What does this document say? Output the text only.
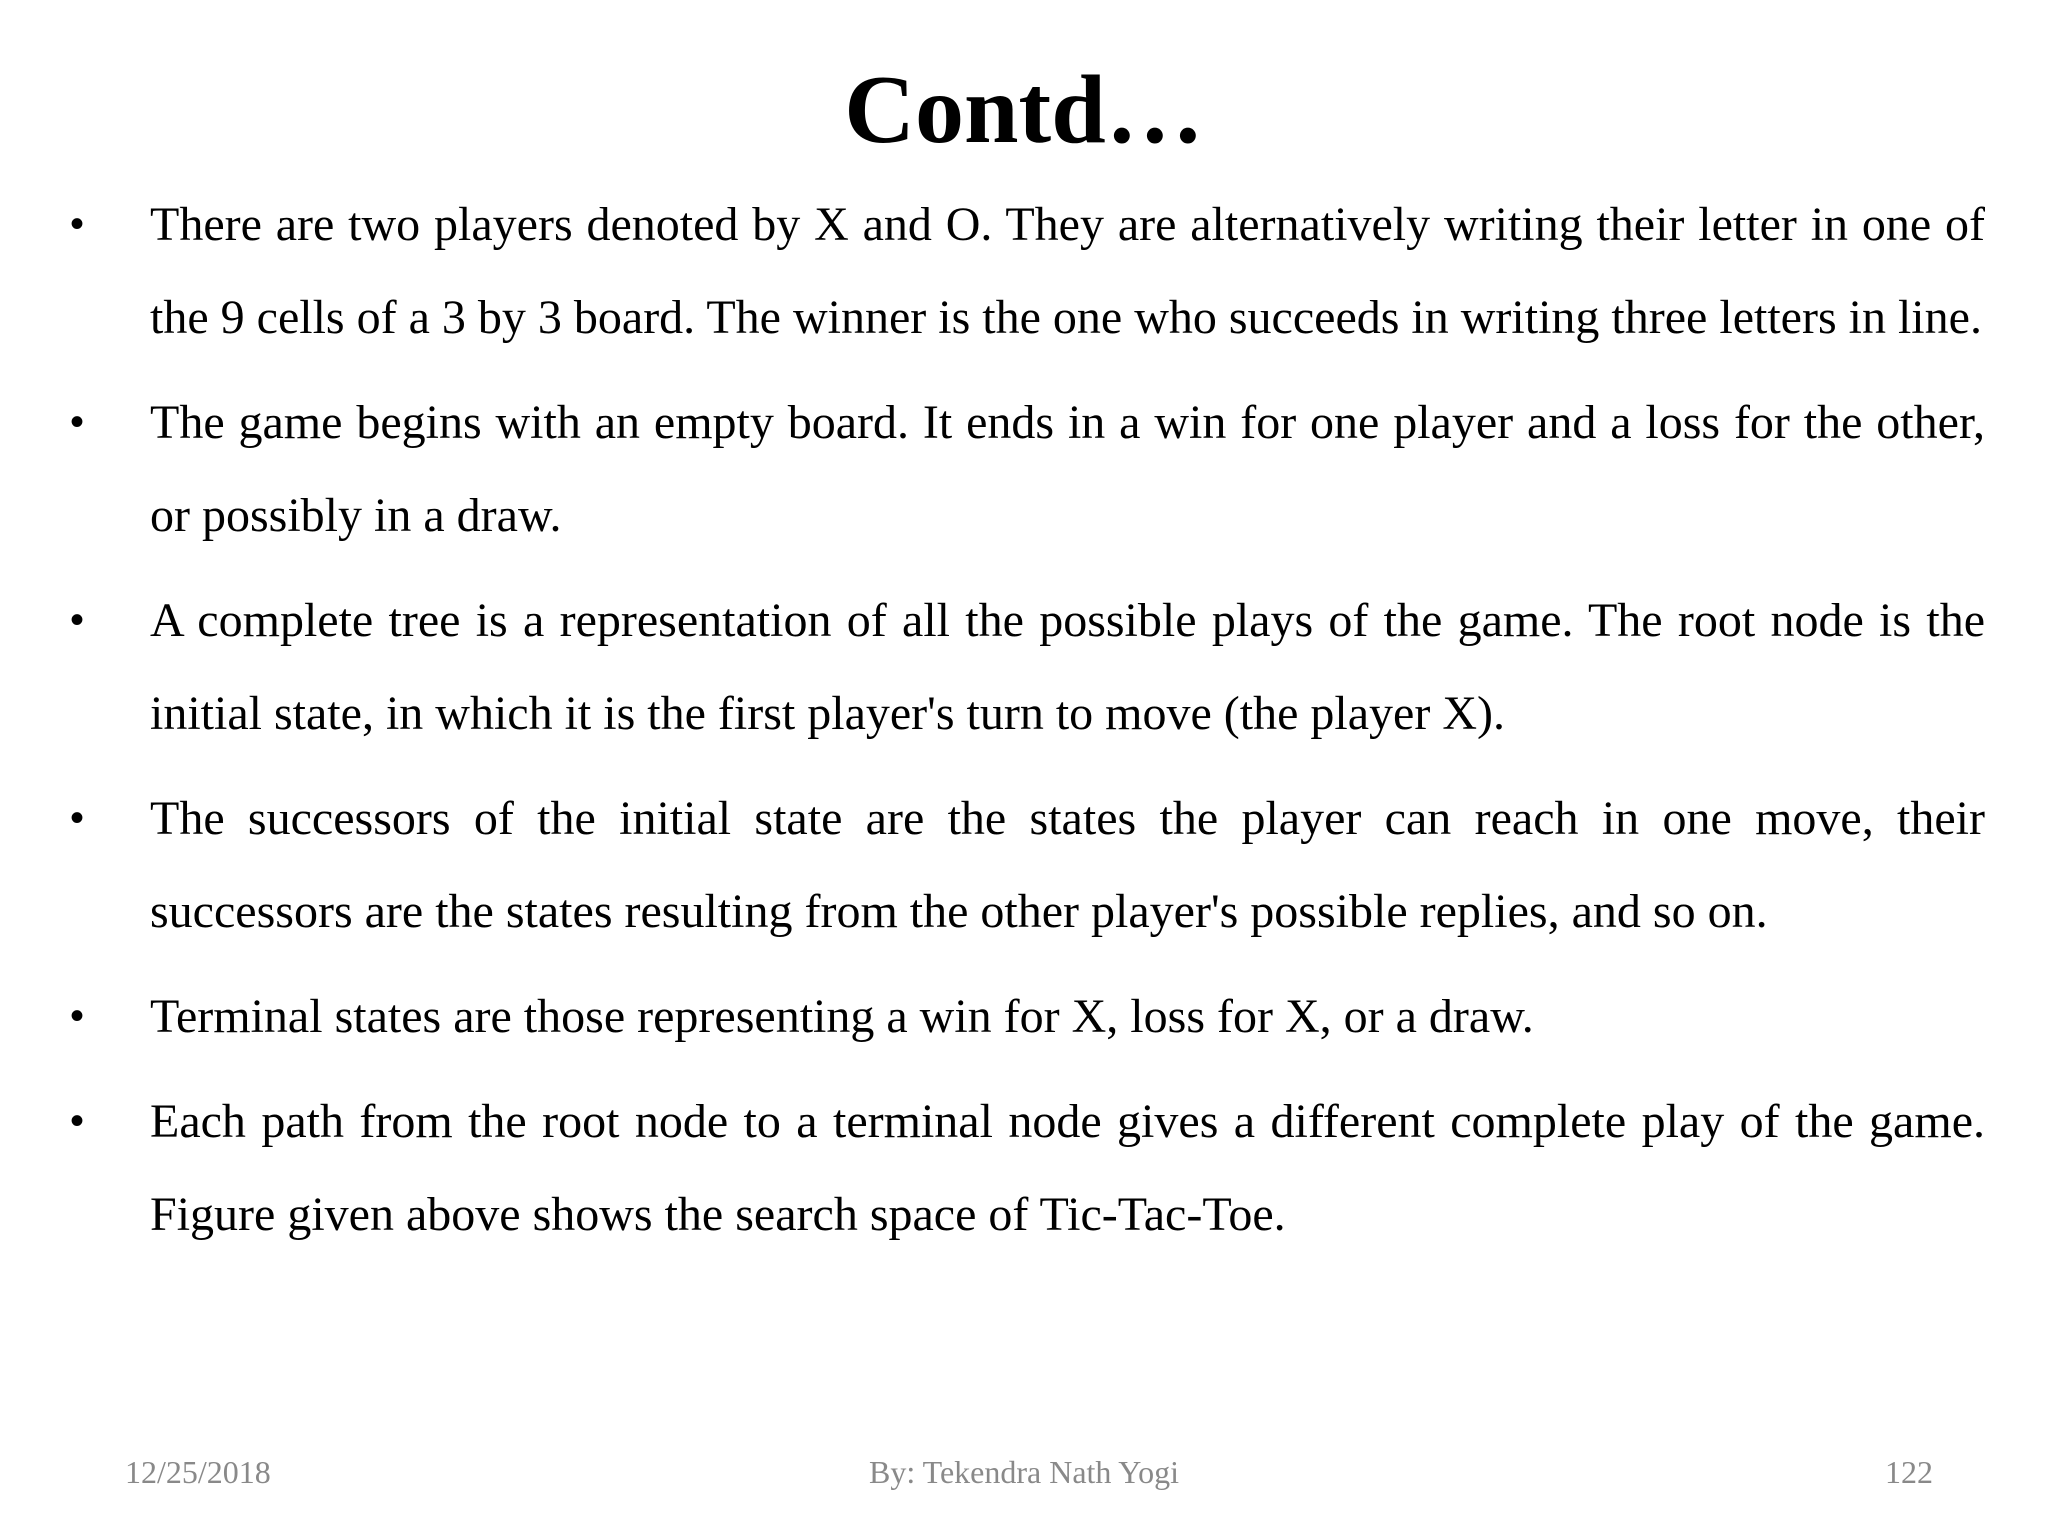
Contd…
• There are two players denoted by X and O. They are alternatively writing their letter in one of the 9 cells of a 3 by 3 board. The winner is the one who succeeds in writing three letters in line.
• The game begins with an empty board. It ends in a win for one player and a loss for the other, or possibly in a draw.
• A complete tree is a representation of all the possible plays of the game. The root node is the initial state, in which it is the first player's turn to move (the player X).
• The successors of the initial state are the states the player can reach in one move, their successors are the states resulting from the other player's possible replies, and so on.
• Terminal states are those representing a win for X, loss for X, or a draw.
• Each path from the root node to a terminal node gives a different complete play of the game. Figure given above shows the search space of Tic-Tac-Toe.
12/25/2018	By: Tekendra Nath Yogi	122
